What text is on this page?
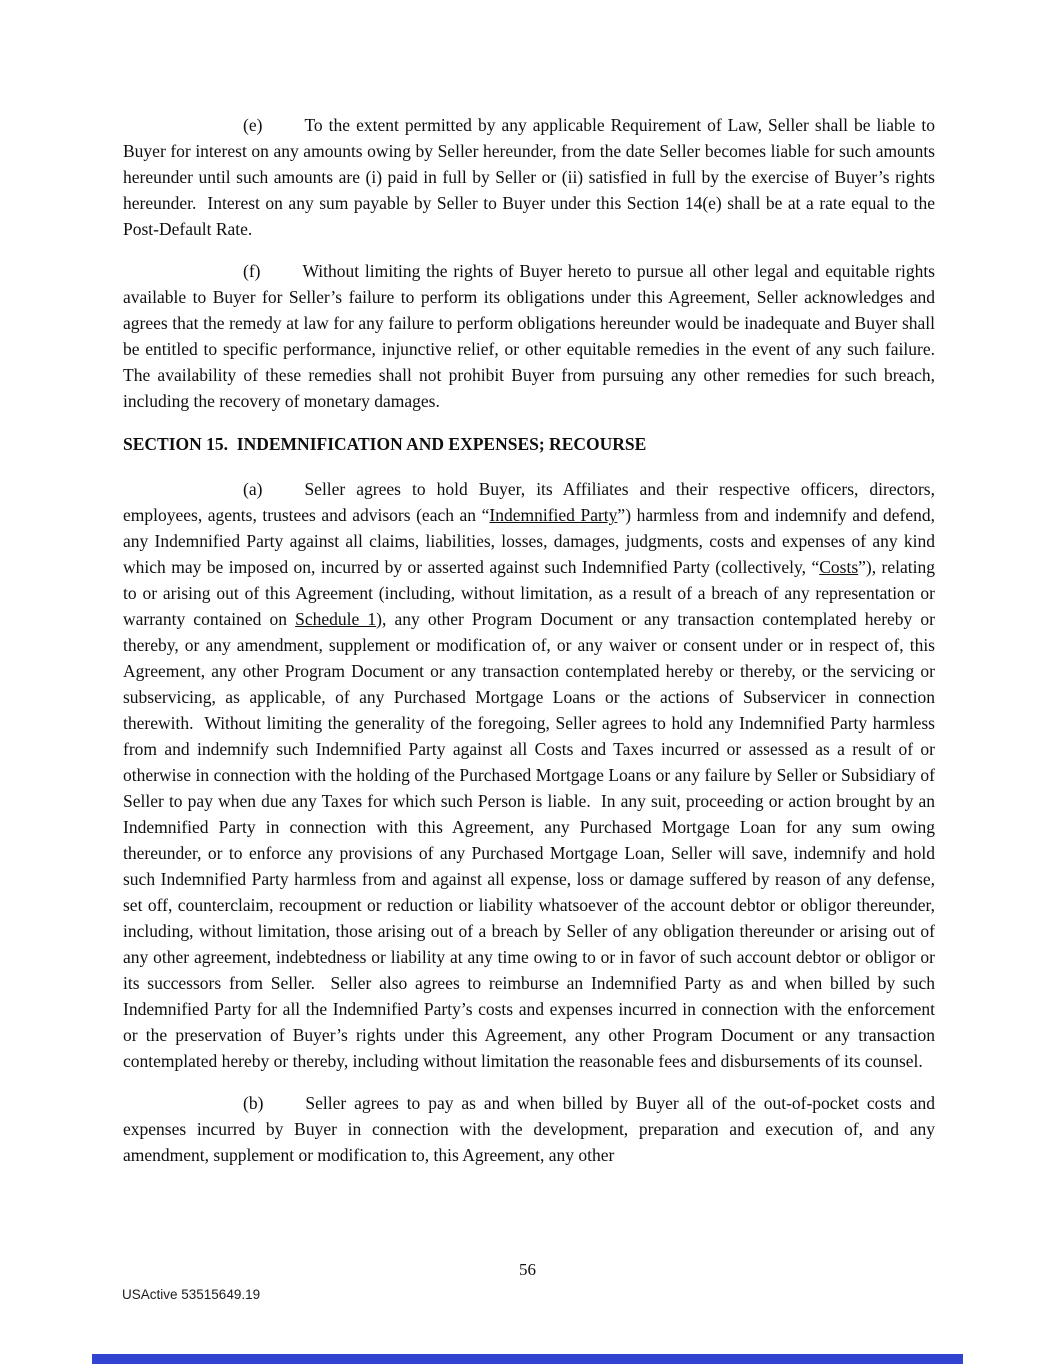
(e) To the extent permitted by any applicable Requirement of Law, Seller shall be liable to Buyer for interest on any amounts owing by Seller hereunder, from the date Seller becomes liable for such amounts hereunder until such amounts are (i) paid in full by Seller or (ii) satisfied in full by the exercise of Buyer’s rights hereunder.  Interest on any sum payable by Seller to Buyer under this Section 14(e) shall be at a rate equal to the Post-Default Rate.

(f) Without limiting the rights of Buyer hereto to pursue all other legal and equitable rights available to Buyer for Seller’s failure to perform its obligations under this Agreement, Seller acknowledges and agrees that the remedy at law for any failure to perform obligations hereunder would be inadequate and Buyer shall be entitled to specific performance, injunctive relief, or other equitable remedies in the event of any such failure. The availability of these remedies shall not prohibit Buyer from pursuing any other remedies for such breach, including the recovery of monetary damages.

SECTION 15.  INDEMNIFICATION AND EXPENSES; RECOURSE

(a) Seller agrees to hold Buyer, its Affiliates and their respective officers, directors, employees, agents, trustees and advisors (each an “Indemnified Party”) harmless from and indemnify and defend, any Indemnified Party against all claims, liabilities, losses, damages, judgments, costs and expenses of any kind which may be imposed on, incurred by or asserted against such Indemnified Party (collectively, “Costs”), relating to or arising out of this Agreement (including, without limitation, as a result of a breach of any representation or warranty contained on Schedule 1), any other Program Document or any transaction contemplated hereby or thereby, or any amendment, supplement or modification of, or any waiver or consent under or in respect of, this Agreement, any other Program Document or any transaction contemplated hereby or thereby, or the servicing or subservicing, as applicable, of any Purchased Mortgage Loans or the actions of Subservicer in connection therewith.  Without limiting the generality of the foregoing, Seller agrees to hold any Indemnified Party harmless from and indemnify such Indemnified Party against all Costs and Taxes incurred or assessed as a result of or otherwise in connection with the holding of the Purchased Mortgage Loans or any failure by Seller or Subsidiary of Seller to pay when due any Taxes for which such Person is liable.  In any suit, proceeding or action brought by an Indemnified Party in connection with this Agreement, any Purchased Mortgage Loan for any sum owing thereunder, or to enforce any provisions of any Purchased Mortgage Loan, Seller will save, indemnify and hold such Indemnified Party harmless from and against all expense, loss or damage suffered by reason of any defense, set off, counterclaim, recoupment or reduction or liability whatsoever of the account debtor or obligor thereunder, including, without limitation, those arising out of a breach by Seller of any obligation thereunder or arising out of any other agreement, indebtedness or liability at any time owing to or in favor of such account debtor or obligor or its successors from Seller.  Seller also agrees to reimburse an Indemnified Party as and when billed by such Indemnified Party for all the Indemnified Party’s costs and expenses incurred in connection with the enforcement or the preservation of Buyer’s rights under this Agreement, any other Program Document or any transaction contemplated hereby or thereby, including without limitation the reasonable fees and disbursements of its counsel.

(b) Seller agrees to pay as and when billed by Buyer all of the out-of-pocket costs and expenses incurred by Buyer in connection with the development, preparation and execution of, and any amendment, supplement or modification to, this Agreement, any other

56
USActive 53515649.19
